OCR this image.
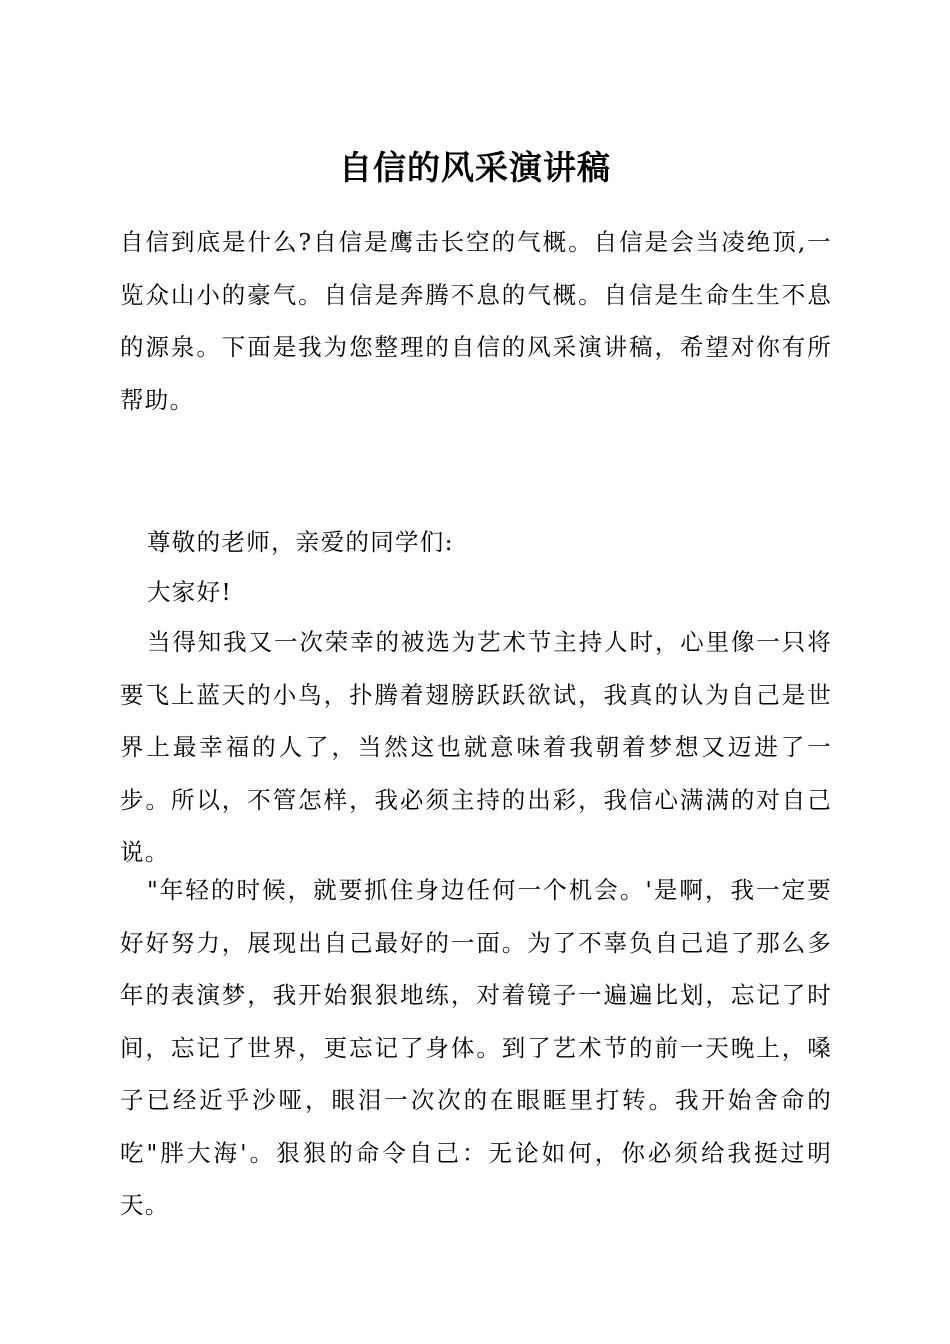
自信的风采演讲稿

自信到底是什么?自信是鹰击长空的气概。自信是会当凌绝顶,一览众山小的豪气。自信是奔腾不息的气概。自信是生命生生不息的源泉。下面是我为您整理的自信的风采演讲稿，希望对你有所帮助。

尊敬的老师，亲爱的同学们:

大家好!

当得知我又一次荣幸的被选为艺术节主持人时，心里像一只将要飞上蓝天的小鸟，扑腾着翅膀跃跃欲试，我真的认为自己是世界上最幸福的人了，当然这也就意味着我朝着梦想又迈进了一步。所以，不管怎样，我必须主持的出彩，我信心满满的对自己说。

"年轻的时候，就要抓住身边任何一个机会。'是啊，我一定要好好努力，展现出自己最好的一面。为了不辜负自己追了那么多年的表演梦，我开始狠狠地练，对着镜子一遍遍比划，忘记了时间，忘记了世界，更忘记了身体。到了艺术节的前一天晚上，嗓子已经近乎沙哑，眼泪一次次的在眼眶里打转。我开始舍命的吃"胖大海'。狠狠的命令自己：无论如何，你必须给我挺过明天。
